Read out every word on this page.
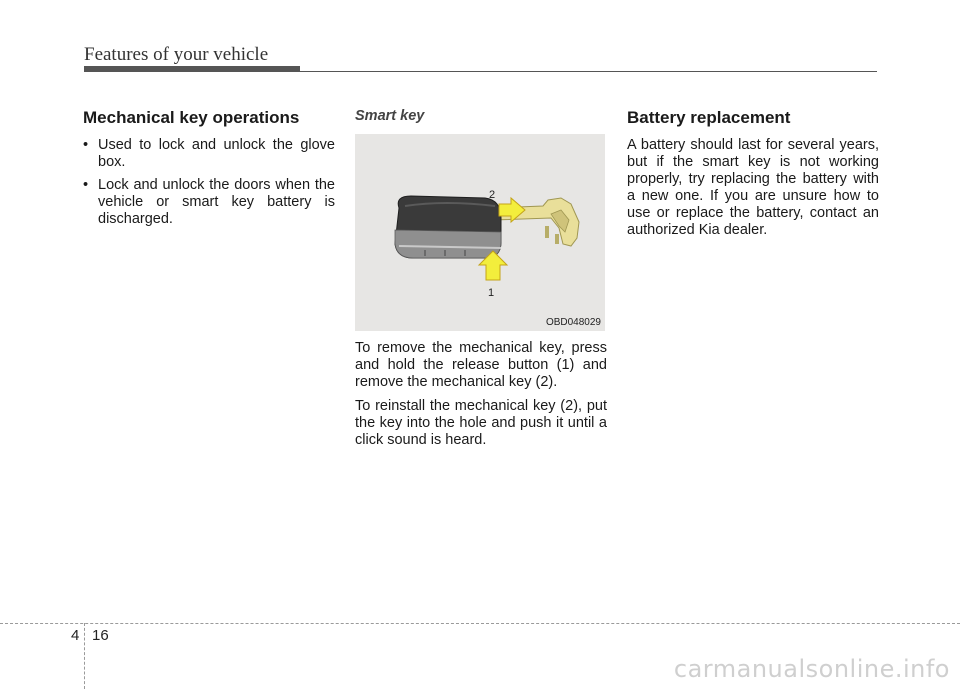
Features of your vehicle
Mechanical key operations
• Used to lock and unlock the glove box.
• Lock and unlock the doors when the vehicle or smart key battery is discharged.
Smart key
2
1
OBD048029

To remove the mechanical key, press and hold the release button (1) and remove the mechanical key (2).

To reinstall the mechanical key (2), put the key into the hole and push it until a click sound is heard.

Battery replacement

A battery should last for several years, but if the smart key is not working properly, try replacing the battery with a new one. If you are unsure how to use or replace the battery, contact an authorized Kia dealer.

4 16
carmanualsonline.info
